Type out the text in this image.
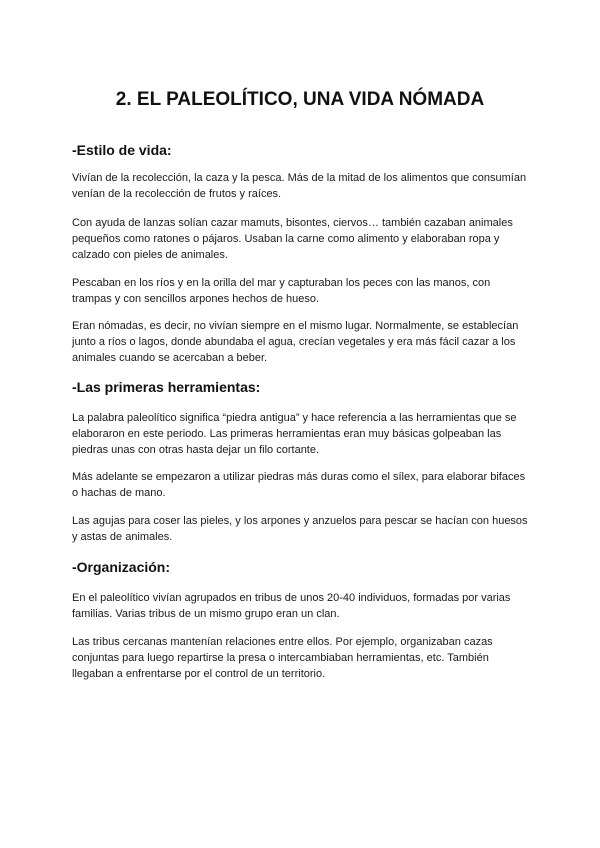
2. EL PALEOLÍTICO, UNA VIDA NÓMADA
-Estilo de vida:

Vivían de la recolección, la caza y la pesca. Más de la mitad de los alimentos que consumían venían de la recolección de frutos y raíces.

Con ayuda de lanzas solían cazar mamuts, bisontes, ciervos… también cazaban animales pequeños como ratones o pájaros. Usaban la carne como alimento y elaboraban ropa y calzado con pieles de animales.

Pescaban en los ríos y en la orilla del mar y capturaban los peces con las manos, con trampas y con sencillos arpones hechos de hueso.

Eran nómadas, es decir, no vivían siempre en el mismo lugar. Normalmente, se establecían junto a ríos o lagos, donde abundaba el agua, crecían vegetales y era más fácil cazar a los animales cuando se acercaban a beber.

-Las primeras herramientas:

La palabra paleolítico significa “piedra antigua” y hace referencia a las herramientas que se elaboraron en este periodo. Las primeras herramientas eran muy básicas golpeaban las piedras unas con otras hasta dejar un filo cortante.

Más adelante se empezaron a utilizar piedras más duras como el sílex, para elaborar bifaces o hachas de mano.

Las agujas para coser las pieles, y los arpones y anzuelos para pescar se hacían con huesos y astas de animales.

-Organización:

En el paleolítico vivían agrupados en tribus de unos 20-40 individuos, formadas por varias familias. Varias tribus de un mismo grupo eran un clan.

Las tribus cercanas mantenían relaciones entre ellos. Por ejemplo, organizaban cazas conjuntas para luego repartirse la presa o intercambiaban herramientas, etc. También llegaban a enfrentarse por el control de un territorio.
